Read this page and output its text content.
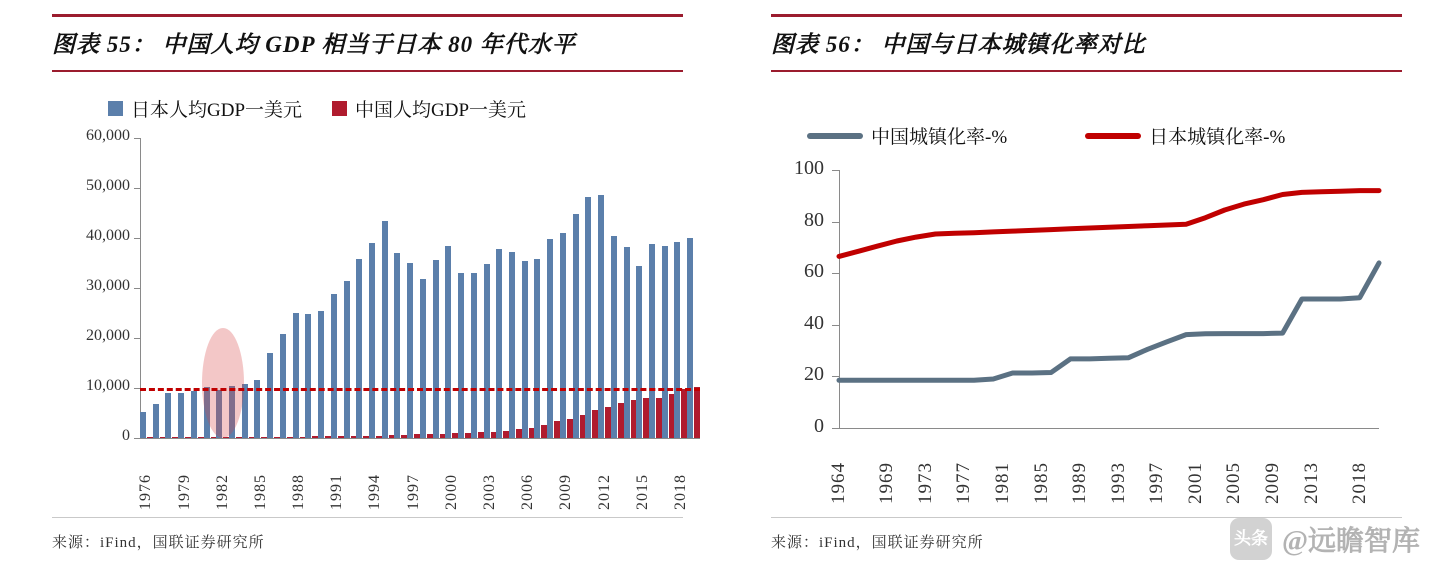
图表 55： 中国人均 GDP 相当于日本 80 年代水平
日本人均GDP一美元	中国人均GDP一美元
0
10,000
20,000
30,000
40,000
50,000
60,000
1976 1979 1982 1985 1988 1991 1994 1997 2000 2003 2006 2009 2012 2015 2018
来源：iFind，国联证券研究所
图表 56： 中国与日本城镇化率对比
中国城镇化率-%	日本城镇化率-%
0
20
40
60
80
100
1964 1969 1973 1977 1981 1985 1989 1993 1997 2001 2005 2009 2013 2018
来源：iFind，国联证券研究所	头条 @远瞻智库
